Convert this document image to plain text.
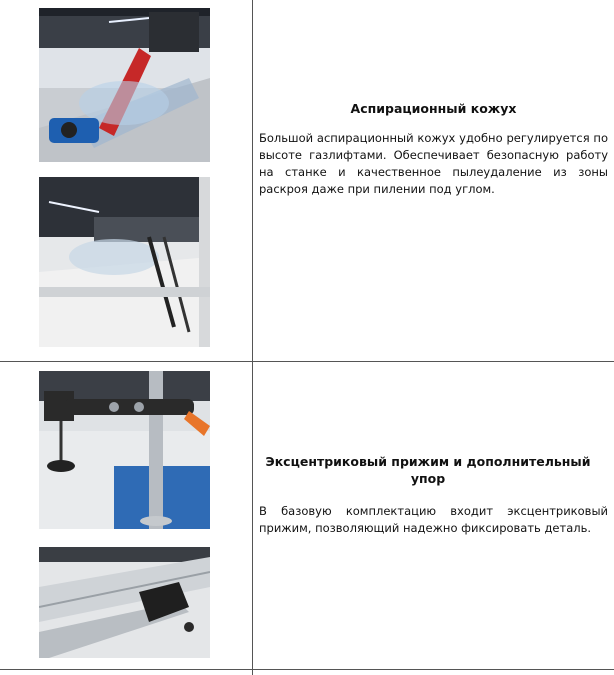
Аспирационный кожух
Большой аспирационный кожух удобно регулируется по высоте газлифтами. Обеспечивает безопасную работу на станке и качественное пылеудаление из зоны раскроя даже при пилении под углом.
Эксцентриковый прижим и дополнительный упор
В базовую комплектацию входит эксцентриковый прижим, позволяющий надежно фиксировать деталь.
